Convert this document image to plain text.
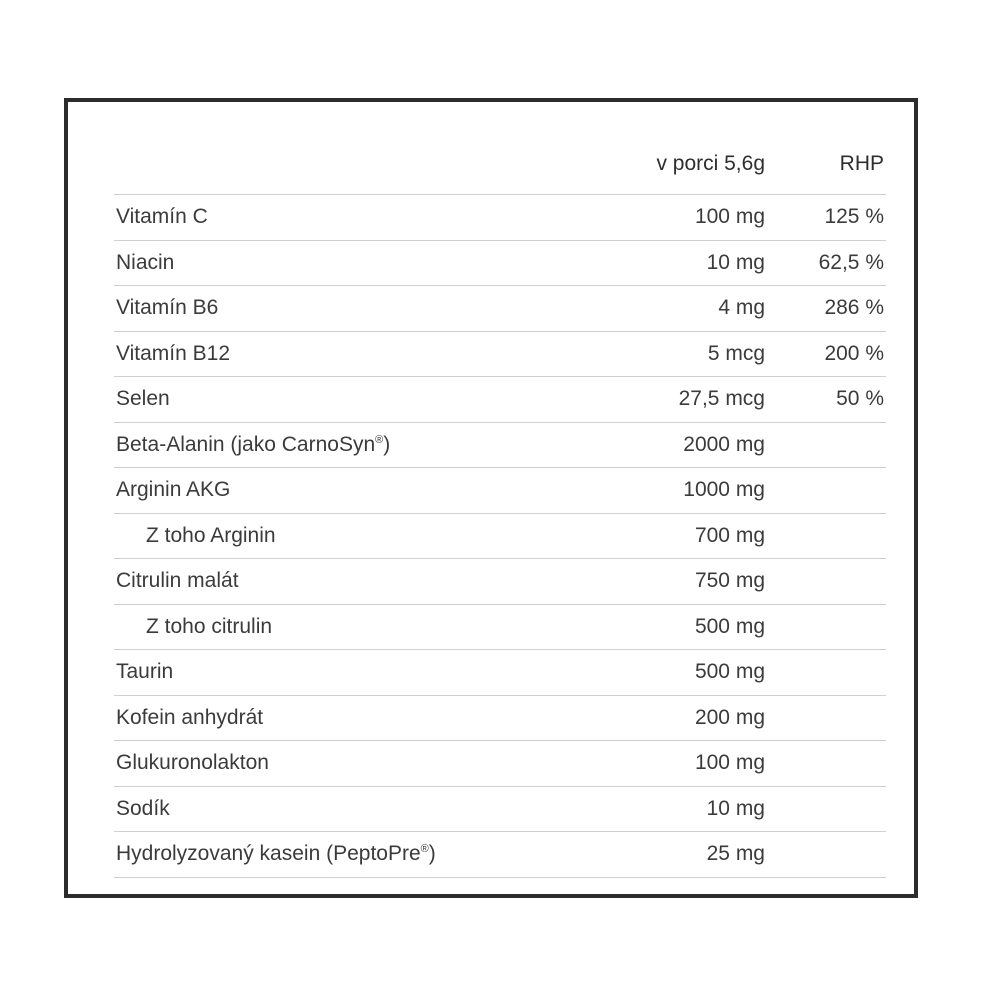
	v porci 5,6g	RHP
Vitamín C	100 mg	125 %
Niacin	10 mg	62,5 %
Vitamín B6	4 mg	286 %
Vitamín B12	5 mcg	200 %
Selen	27,5 mcg	50 %
Beta-Alanin (jako CarnoSyn®)	2000 mg	
Arginin AKG	1000 mg	
Z toho Arginin	700 mg	
Citrulin malát	750 mg	
Z toho citrulin	500 mg	
Taurin	500 mg	
Kofein anhydrát	200 mg	
Glukuronolakton	100 mg	
Sodík	10 mg	
Hydrolyzovaný kasein (PeptoPre®)	25 mg	
